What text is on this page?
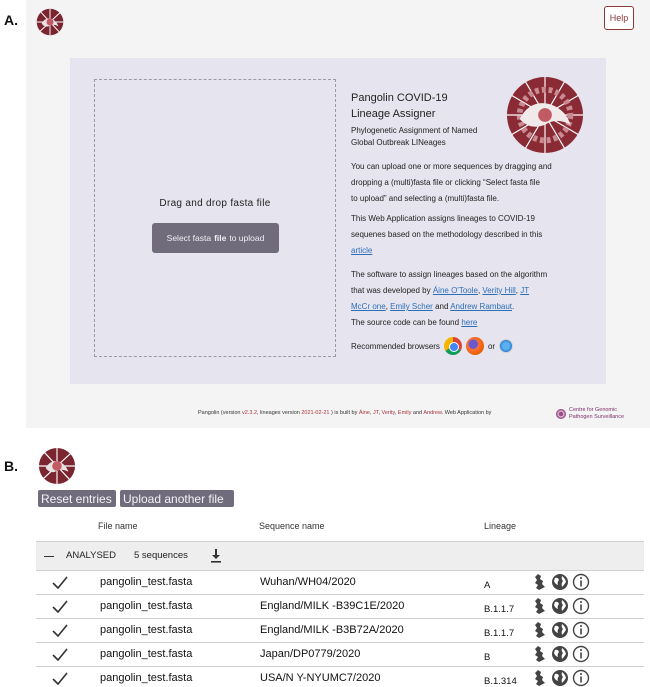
A.	Help
Drag and drop fasta file
Select fasta file to upload
Pangolin COVID-19
Lineage Assigner
Phylogenetic Assignment of Named
Global Outbreak LINeages
You can upload one or more sequences by dragging and
dropping a (multi)fasta file or clicking “Select fasta file
to upload” and selecting a (multi)fasta file.
This Web Application assigns lineages to COVID-19
sequenes based on the methodology described in this
article
The software to assign lineages based on the algorithm
that was developed by Áine O'Toole, Verity Hill, JT
McCr one, Emily Scher and Andrew Rambaut.
The source code can be found here
Recommended browsers	or
Pangolin (version v2.3.2, lineages version 2021-02-21 ) is built by Áine, JT, Verity, Emily and Andrew. Web Application by	Centre for Genomic
Pathogen Surveillance
B.
Reset entries Upload another file
File name	Sequence name	Lineage
ANALYSED 5 sequences
pangolin_test.fasta	Wuhan/WH04/2020	A
pangolin_test.fasta	England/MILK -B39C1E/2020	B.1.1.7
pangolin_test.fasta	England/MILK -B3B72A/2020	B.1.1.7
pangolin_test.fasta	Japan/DP0779/2020	B
pangolin_test.fasta	USA/N Y-NYUMC7/2020	B.1.314
